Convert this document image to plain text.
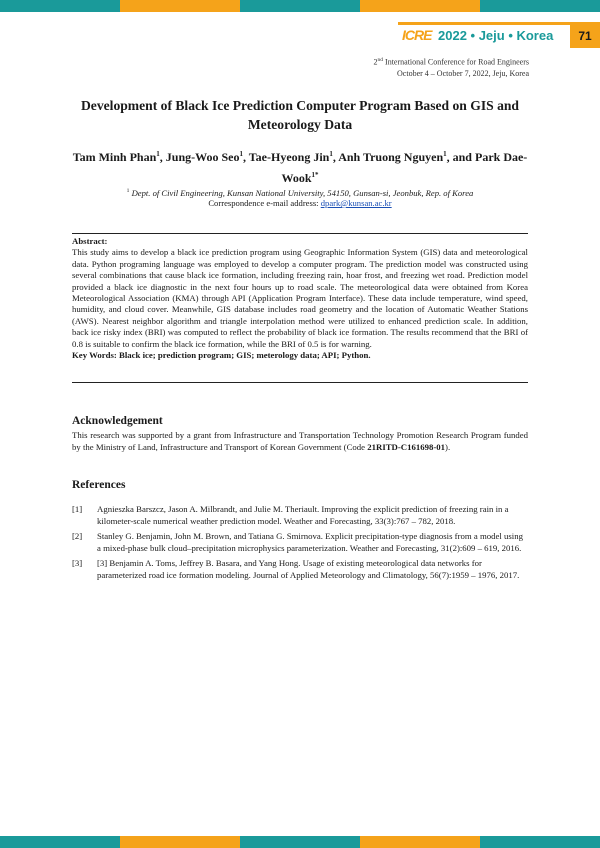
ICRE 2022 • Jeju • Korea	71
2nd International Conference for Road Engineers
October 4 – October 7, 2022, Jeju, Korea
Development of Black Ice Prediction Computer Program Based on GIS and Meteorology Data
Tam Minh Phan$^1$, Jung-Woo Seo$^1$, Tae-Hyeong Jin$^1$, Anh Truong Nguyen$^1$, and Park Dae-Wook$^{1*}$
$^1$ Dept. of Civil Engineering, Kunsan National University, 54150, Gunsan-si, Jeonbuk, Rep. of Korea
Correspondence e-mail address: dpark@kunsan.ac.kr
Abstract:
This study aims to develop a black ice prediction program using Geographic Information System (GIS) data and meteorological data. Python programing language was employed to develop a computer program. The prediction model was constructed using several combinations that cause black ice formation, including freezing rain, hoar frost, and freezing wet road. Prediction model provided a black ice diagnostic in the next four hours up to road scale. The meteorological data were obtained from Korea Meteorological Association (KMA) through API (Application Program Interface). These data include temperature, wind speed, humidity, and cloud cover. Meanwhile, GIS database includes road geometry and the location of Automatic Weather Stations (AWS). Nearest neighbor algorithm and triangle interpolation method were utilized to enhanced prediction scale. In addition, back ice risky index (BRI) was computed to reflect the probability of black ice formation. The results recommend that the BRI of 0.8 is suitable to confirm the black ice formation, while the BRI of 0.5 is for warning.
Key Words: Black ice; prediction program; GIS; meterology data; API; Python.
Acknowledgement
This research was supported by a grant from Infrastructure and Transportation Technology Promotion Research Program funded by the Ministry of Land, Infrastructure and Transport of Korean Government (Code 21RITD-C161698-01).
References
[1] Agnieszka Barszcz, Jason A. Milbrandt, and Julie M. Theriault. Improving the explicit prediction of freezing rain in a kilometer-scale numerical weather prediction model. Weather and Forecasting, 33(3):767 – 782, 2018.
[2] Stanley G. Benjamin, John M. Brown, and Tatiana G. Smirnova. Explicit precipitation-type diagnosis from a model using a mixed-phase bulk cloud–precipitation microphysics parameterization. Weather and Forecasting, 31(2):609 – 619, 2016.
[3] [3] Benjamin A. Toms, Jeffrey B. Basara, and Yang Hong. Usage of existing meteorological data networks for parameterized road ice formation modeling. Journal of Applied Meteorology and Climatology, 56(7):1959 – 1976, 2017.
